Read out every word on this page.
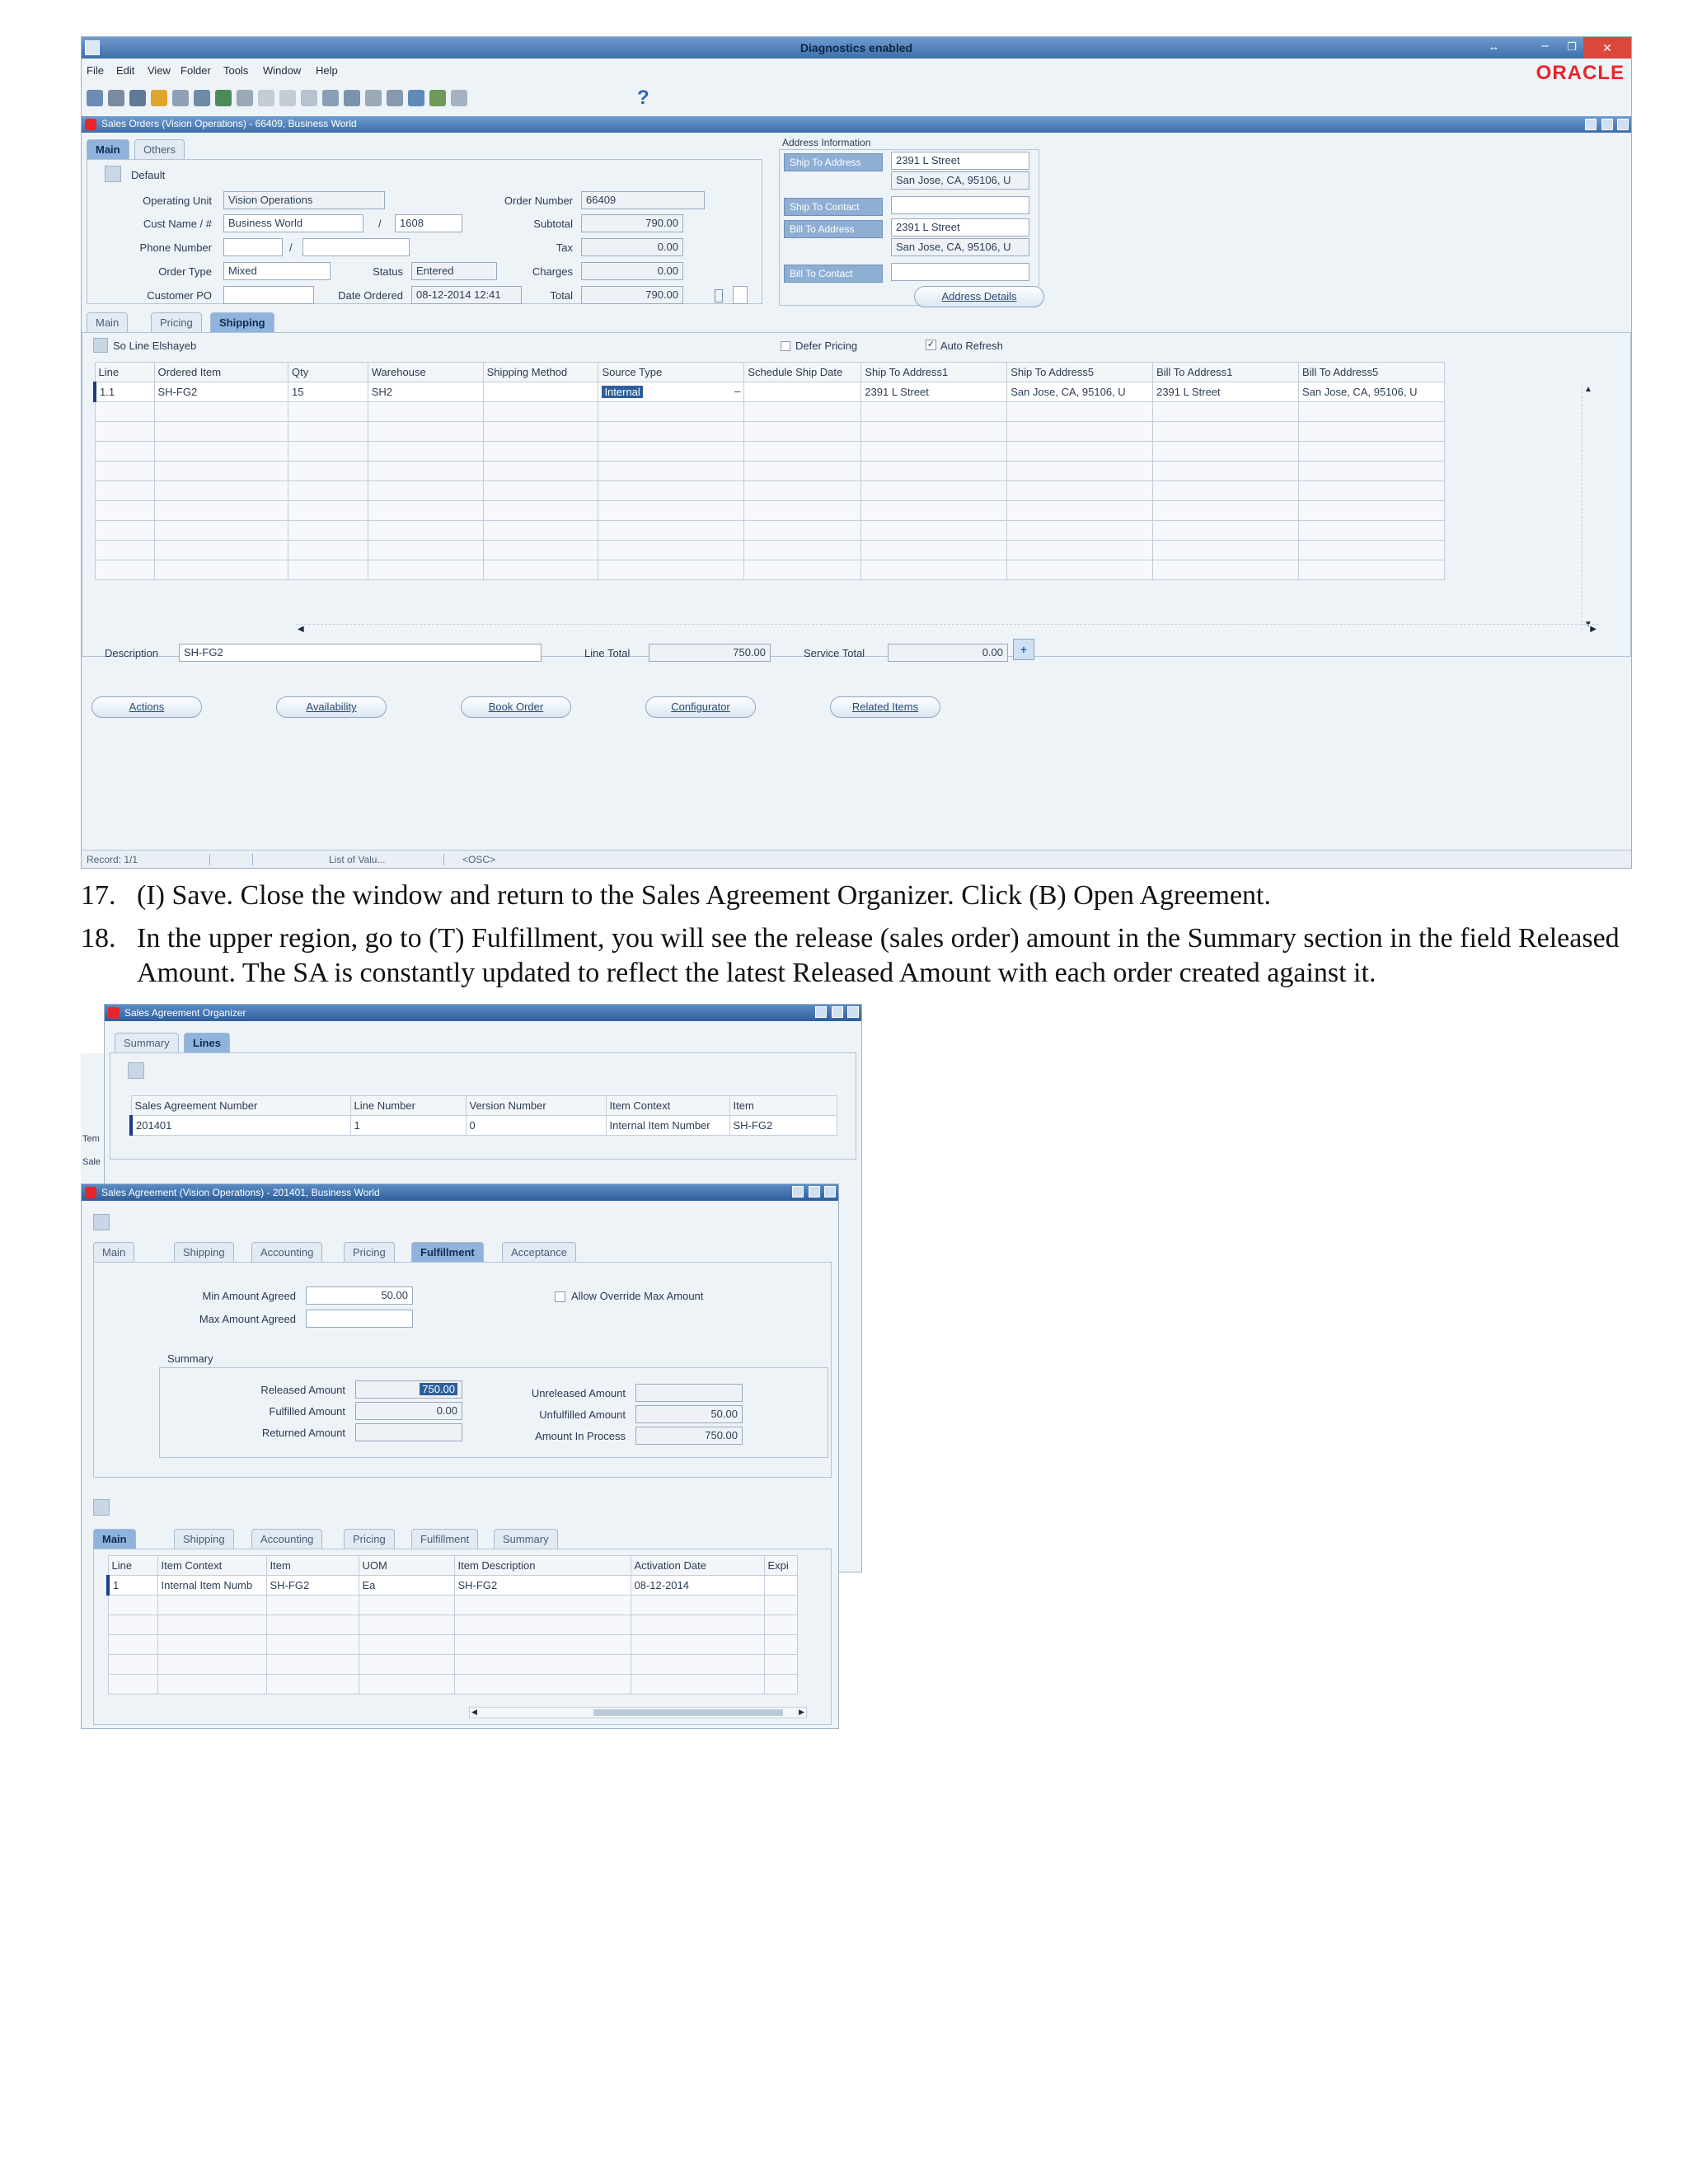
Diagnostics enabled	↔	– ❐	✕
File Edit View Folder Tools Window Help	ORACLE
?
Sales Orders (Vision Operations) - 66409, Business World
Main	Others
Default
Operating Unit	Vision Operations
Cust Name / #	Business World	/	1608
Phone Number	/
Order Type	Mixed
Customer PO
Status	Entered
Date Ordered	08-12-2014 12:41
Order Number	66409
Subtotal	790.00
Tax	0.00
Charges	0.00
Total	790.00
Address Information
Ship To Address	2391 L Street
San Jose, CA, 95106, U
Ship To Contact
Bill To Address	2391 L Street
San Jose, CA, 95106, U
Bill To Contact
Address Details
Main	Pricing	Shipping
So Line Elshayeb	Defer Pricing	✓ Auto Refresh
Line	Ordered Item	Qty	Warehouse	Shipping Method	Source Type	Schedule Ship Date	Ship To Address1	Ship To Address5	Bill To Address1	Bill To Address5
1.1	SH-FG2	15	SH2		Internal –		2391 L Street	San Jose, CA, 95106, U	2391 L Street	San Jose, CA, 95106, U

											▲
▼
◀	▶
Description	SH-FG2	Line Total	750.00	Service Total	0.00	+
Actions	Availability	Book Order	Configurator	Related Items
Record: 1/1	List of Valu...	<OSC>
17. (I) Save. Close the window and return to the Sales Agreement Organizer. Click (B) Open Agreement.
18. In the upper region, go to (T) Fulfillment, you will see the release (sales order) amount in the Summary section in the field Released Amount. The SA is constantly updated to reflect the latest Released Amount with each order created against it.
Tem
Sale
Sales Agreement Organizer
Summary	Lines
Sales Agreement Number	Line Number	Version Number	Item Context	Item
201401	1	0	Internal Item Number	SH-FG2
Sales Agreement (Vision Operations) - 201401, Business World
Main	Shipping	Accounting	Pricing	Fulfillment	Acceptance
Min Amount Agreed	50.00
Max Amount Agreed
Allow Override Max Amount
Summary
Released Amount	750.00
Fulfilled Amount	0.00
Returned Amount
Unreleased Amount
Unfulfilled Amount	50.00
Amount In Process	750.00
Main	Shipping	Accounting	Pricing	Fulfillment	Summary
Line	Item Context	Item	UOM	Item Description	Activation Date	Expi
1	Internal Item Numb	SH-FG2	Ea	SH-FG2	08-12-2014	

◀	▶
